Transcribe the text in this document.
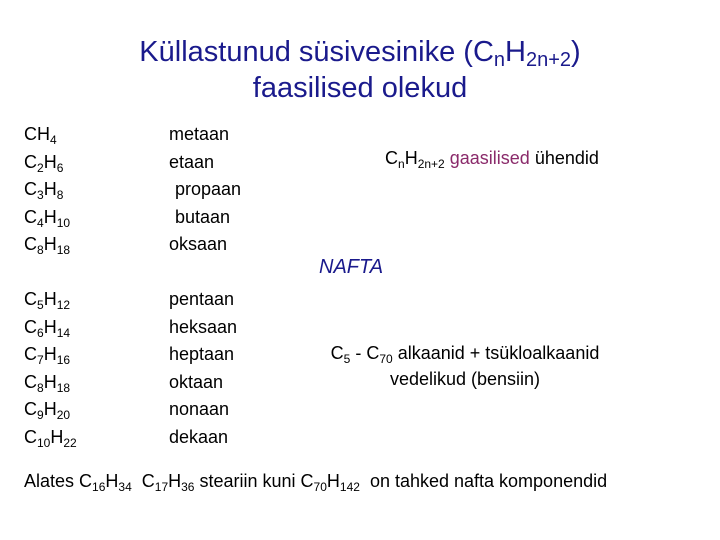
Küllastunud süsivesinike $(C_nH_{2n+2})$
faasilised olekud
$CH_4$
$C_2H_6$
$C_3H_8$
$C_4H_{10}$
$C_8H_{18}$
metaan
etaan
propaan
butaan
oksaan
$C_nH_{2n+2}$ gaasilised ühendid
NAFTA
$C_5H_{12}$
$C_6H_{14}$
$C_7H_{16}$
$C_8H_{18}$
$C_9H_{20}$
$C_{10}H_{22}$
pentaan
heksaan
heptaan
oktaan
nonaan
dekaan
$C_5 - C_{70}$ alkaanid + tsükloalkaanid
vedelikud (bensiin)
Alates $C_{16}H_{34}$  $C_{17}H_{36}$ steariin kuni $C_{70}H_{142}$  on tahked nafta komponendid
